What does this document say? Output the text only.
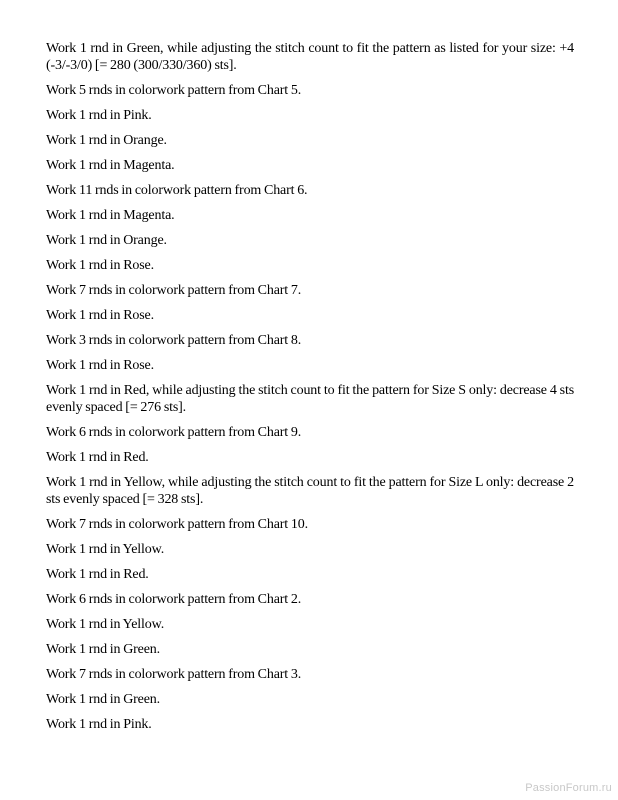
Work 1 rnd in Green, while adjusting the stitch count to fit the pattern as listed for your size: +4 (-3/-3/0) [= 280 (300/330/360) sts].

Work 5 rnds in colorwork pattern from Chart 5.

Work 1 rnd in Pink.

Work 1 rnd in Orange.

Work 1 rnd in Magenta.

Work 11 rnds in colorwork pattern from Chart 6.

Work 1 rnd in Magenta.

Work 1 rnd in Orange.

Work 1 rnd in Rose.

Work 7 rnds in colorwork pattern from Chart 7.

Work 1 rnd in Rose.

Work 3 rnds in colorwork pattern from Chart 8.

Work 1 rnd in Rose.

Work 1 rnd in Red, while adjusting the stitch count to fit the pattern for Size S only: decrease 4 sts evenly spaced [= 276 sts].

Work 6 rnds in colorwork pattern from Chart 9.

Work 1 rnd in Red.

Work 1 rnd in Yellow, while adjusting the stitch count to fit the pattern for Size L only: decrease 2 sts evenly spaced [= 328 sts].

Work 7 rnds in colorwork pattern from Chart 10.

Work 1 rnd in Yellow.

Work 1 rnd in Red.

Work 6 rnds in colorwork pattern from Chart 2.

Work 1 rnd in Yellow.

Work 1 rnd in Green.

Work 7 rnds in colorwork pattern from Chart 3.

Work 1 rnd in Green.

Work 1 rnd in Pink.

PassionForum.ru
